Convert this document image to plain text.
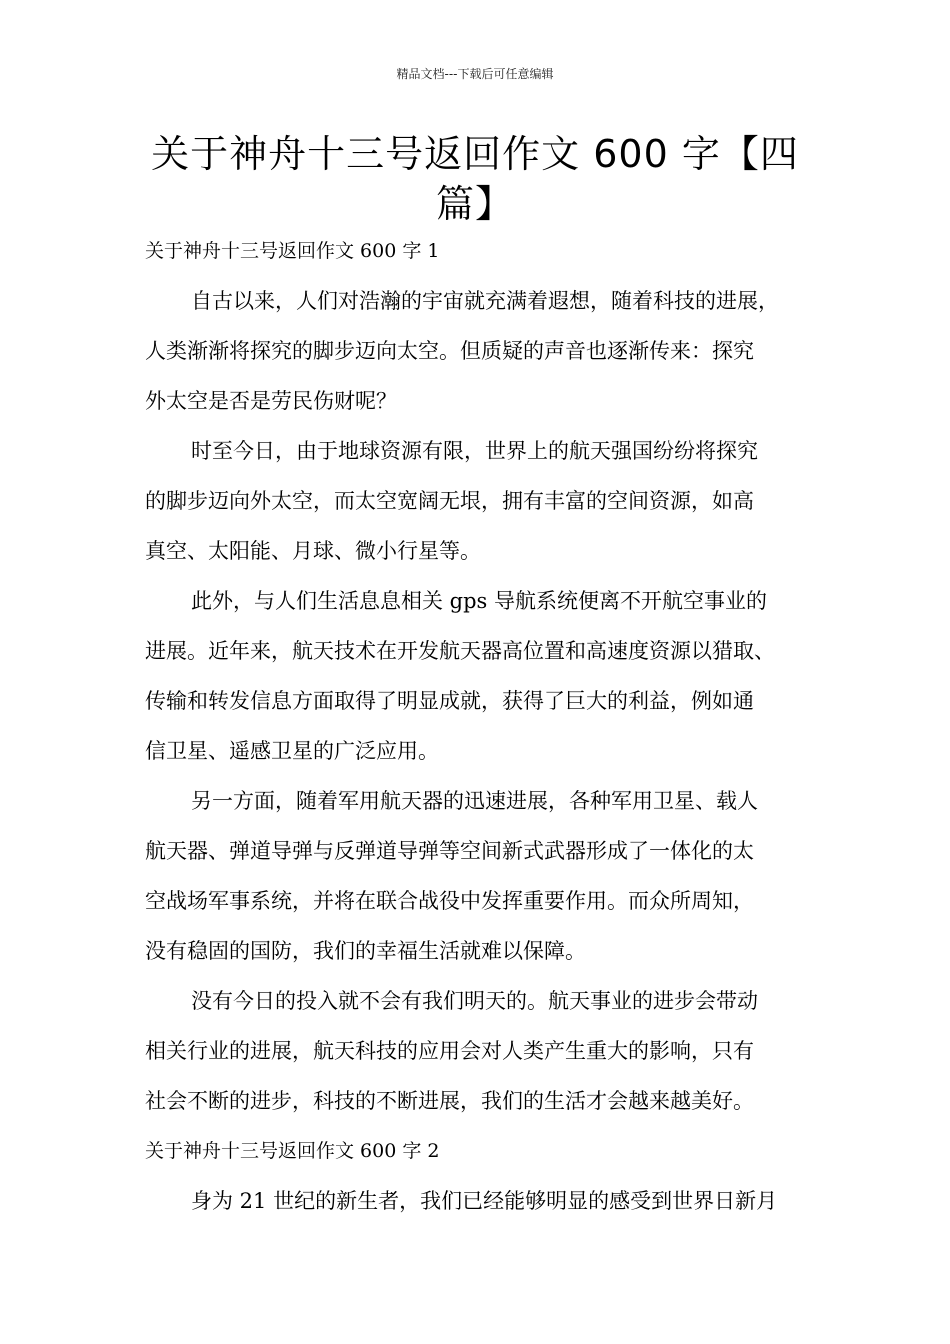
精品文档---下载后可任意编辑
关于神舟十三号返回作文 600 字【四
篇】
关于神舟十三号返回作文 600 字 1
自古以来，人们对浩瀚的宇宙就充满着遐想，随着科技的进展，
人类渐渐将探究的脚步迈向太空。但质疑的声音也逐渐传来：探究
外太空是否是劳民伤财呢？
时至今日，由于地球资源有限，世界上的航天强国纷纷将探究
的脚步迈向外太空，而太空宽阔无垠，拥有丰富的空间资源，如高
真空、太阳能、月球、微小行星等。
此外，与人们生活息息相关 gps 导航系统便离不开航空事业的
进展。近年来，航天技术在开发航天器高位置和高速度资源以猎取、
传输和转发信息方面取得了明显成就，获得了巨大的利益，例如通
信卫星、遥感卫星的广泛应用。
另一方面，随着军用航天器的迅速进展，各种军用卫星、载人
航天器、弹道导弹与反弹道导弹等空间新式武器形成了一体化的太
空战场军事系统，并将在联合战役中发挥重要作用。而众所周知，
没有稳固的国防，我们的幸福生活就难以保障。
没有今日的投入就不会有我们明天的。航天事业的进步会带动
相关行业的进展，航天科技的应用会对人类产生重大的影响，只有
社会不断的进步，科技的不断进展，我们的生活才会越来越美好。
关于神舟十三号返回作文 600 字 2
身为 21 世纪的新生者，我们已经能够明显的感受到世界日新月
